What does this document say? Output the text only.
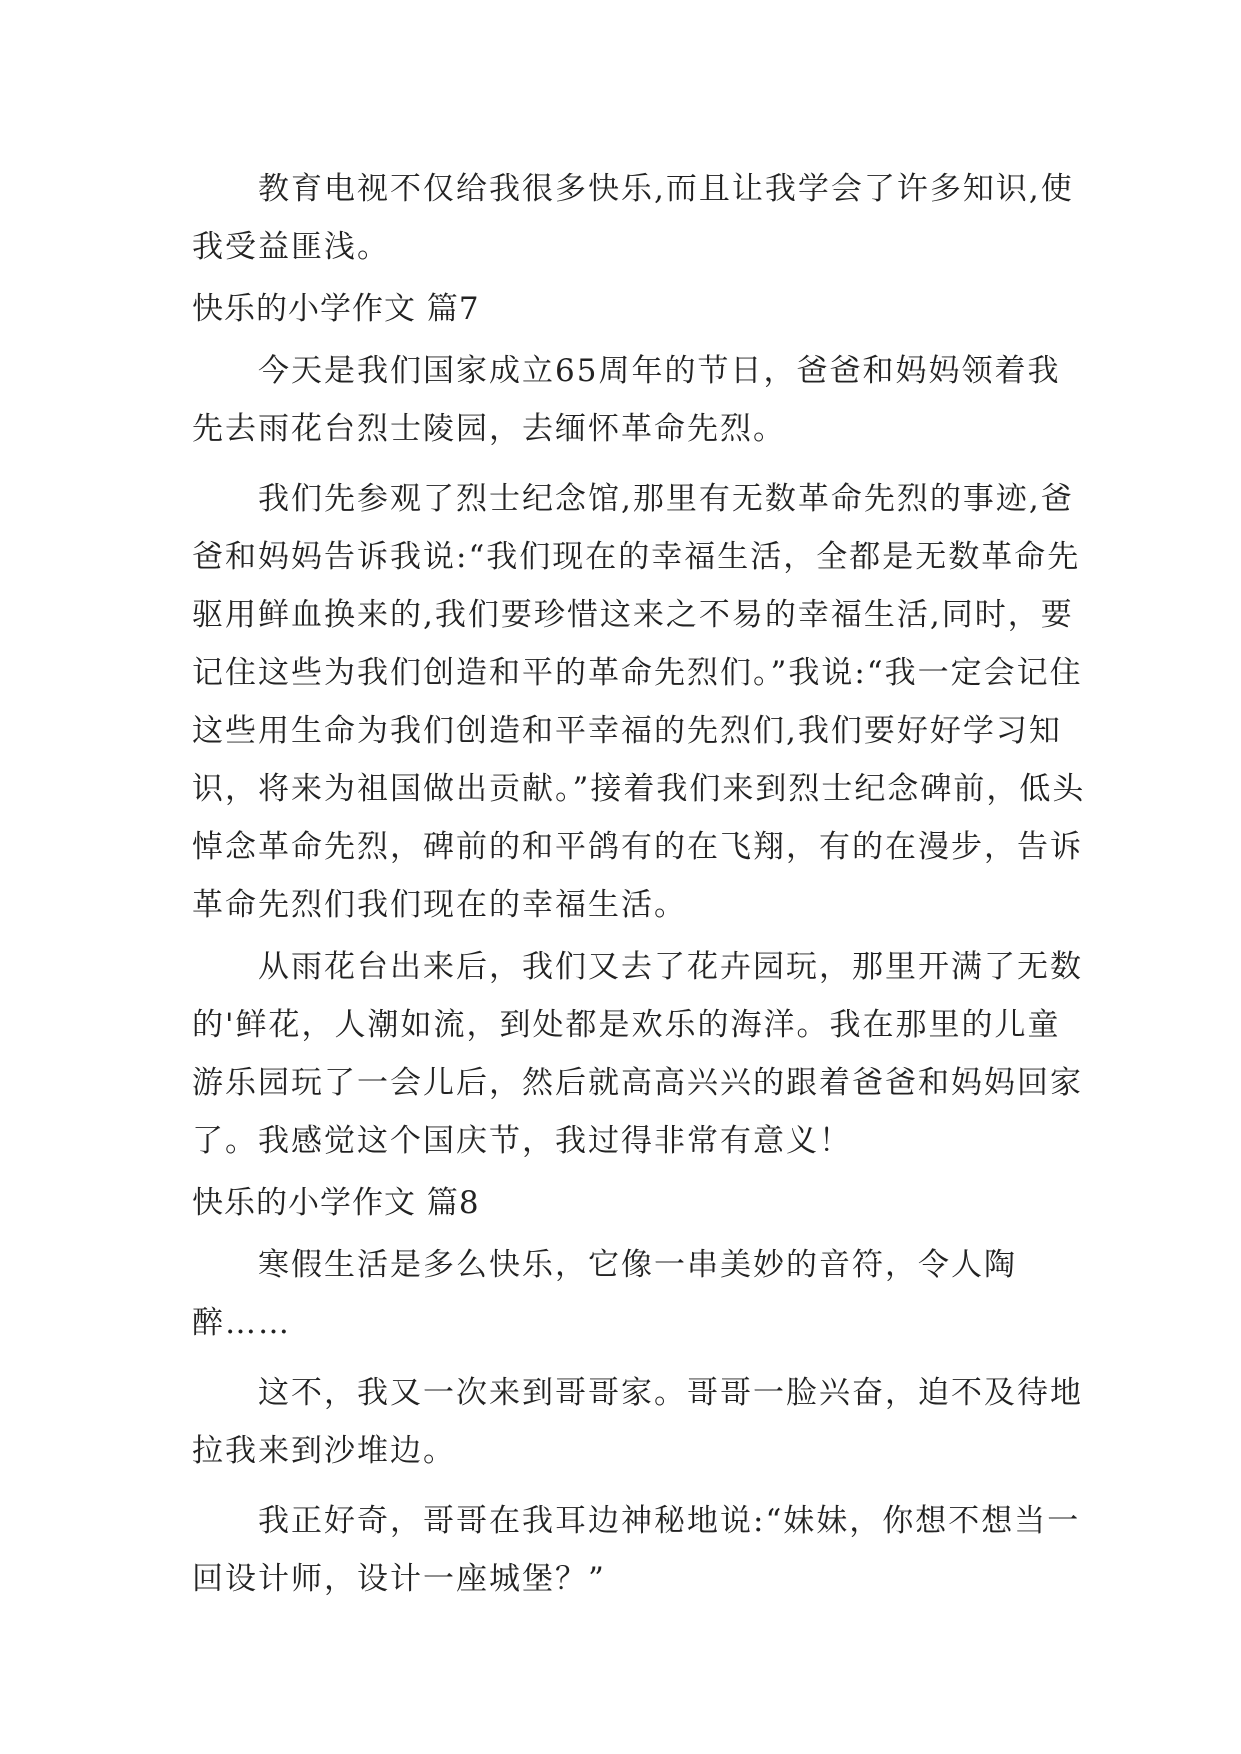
教育电视不仅给我很多快乐,而且让我学会了许多知识,使我受益匪浅。

快乐的小学作文 篇7

今天是我们国家成立65周年的节日，爸爸和妈妈领着我先去雨花台烈士陵园，去缅怀革命先烈。

我们先参观了烈士纪念馆,那里有无数革命先烈的事迹,爸爸和妈妈告诉我说:“我们现在的幸福生活，全都是无数革命先驱用鲜血换来的,我们要珍惜这来之不易的幸福生活,同时，要记住这些为我们创造和平的革命先烈们。”我说:“我一定会记住这些用生命为我们创造和平幸福的先烈们,我们要好好学习知识，将来为祖国做出贡献。”接着我们来到烈士纪念碑前，低头悼念革命先烈，碑前的和平鸽有的在飞翔，有的在漫步，告诉革命先烈们我们现在的幸福生活。

从雨花台出来后，我们又去了花卉园玩，那里开满了无数的'鲜花，人潮如流，到处都是欢乐的海洋。我在那里的儿童游乐园玩了一会儿后，然后就高高兴兴的跟着爸爸和妈妈回家了。我感觉这个国庆节，我过得非常有意义！

快乐的小学作文 篇8

寒假生活是多么快乐，它像一串美妙的音符，令人陶醉……

这不，我又一次来到哥哥家。哥哥一脸兴奋，迫不及待地拉我来到沙堆边。

我正好奇，哥哥在我耳边神秘地说:“妹妹，你想不想当一回设计师，设计一座城堡？”
